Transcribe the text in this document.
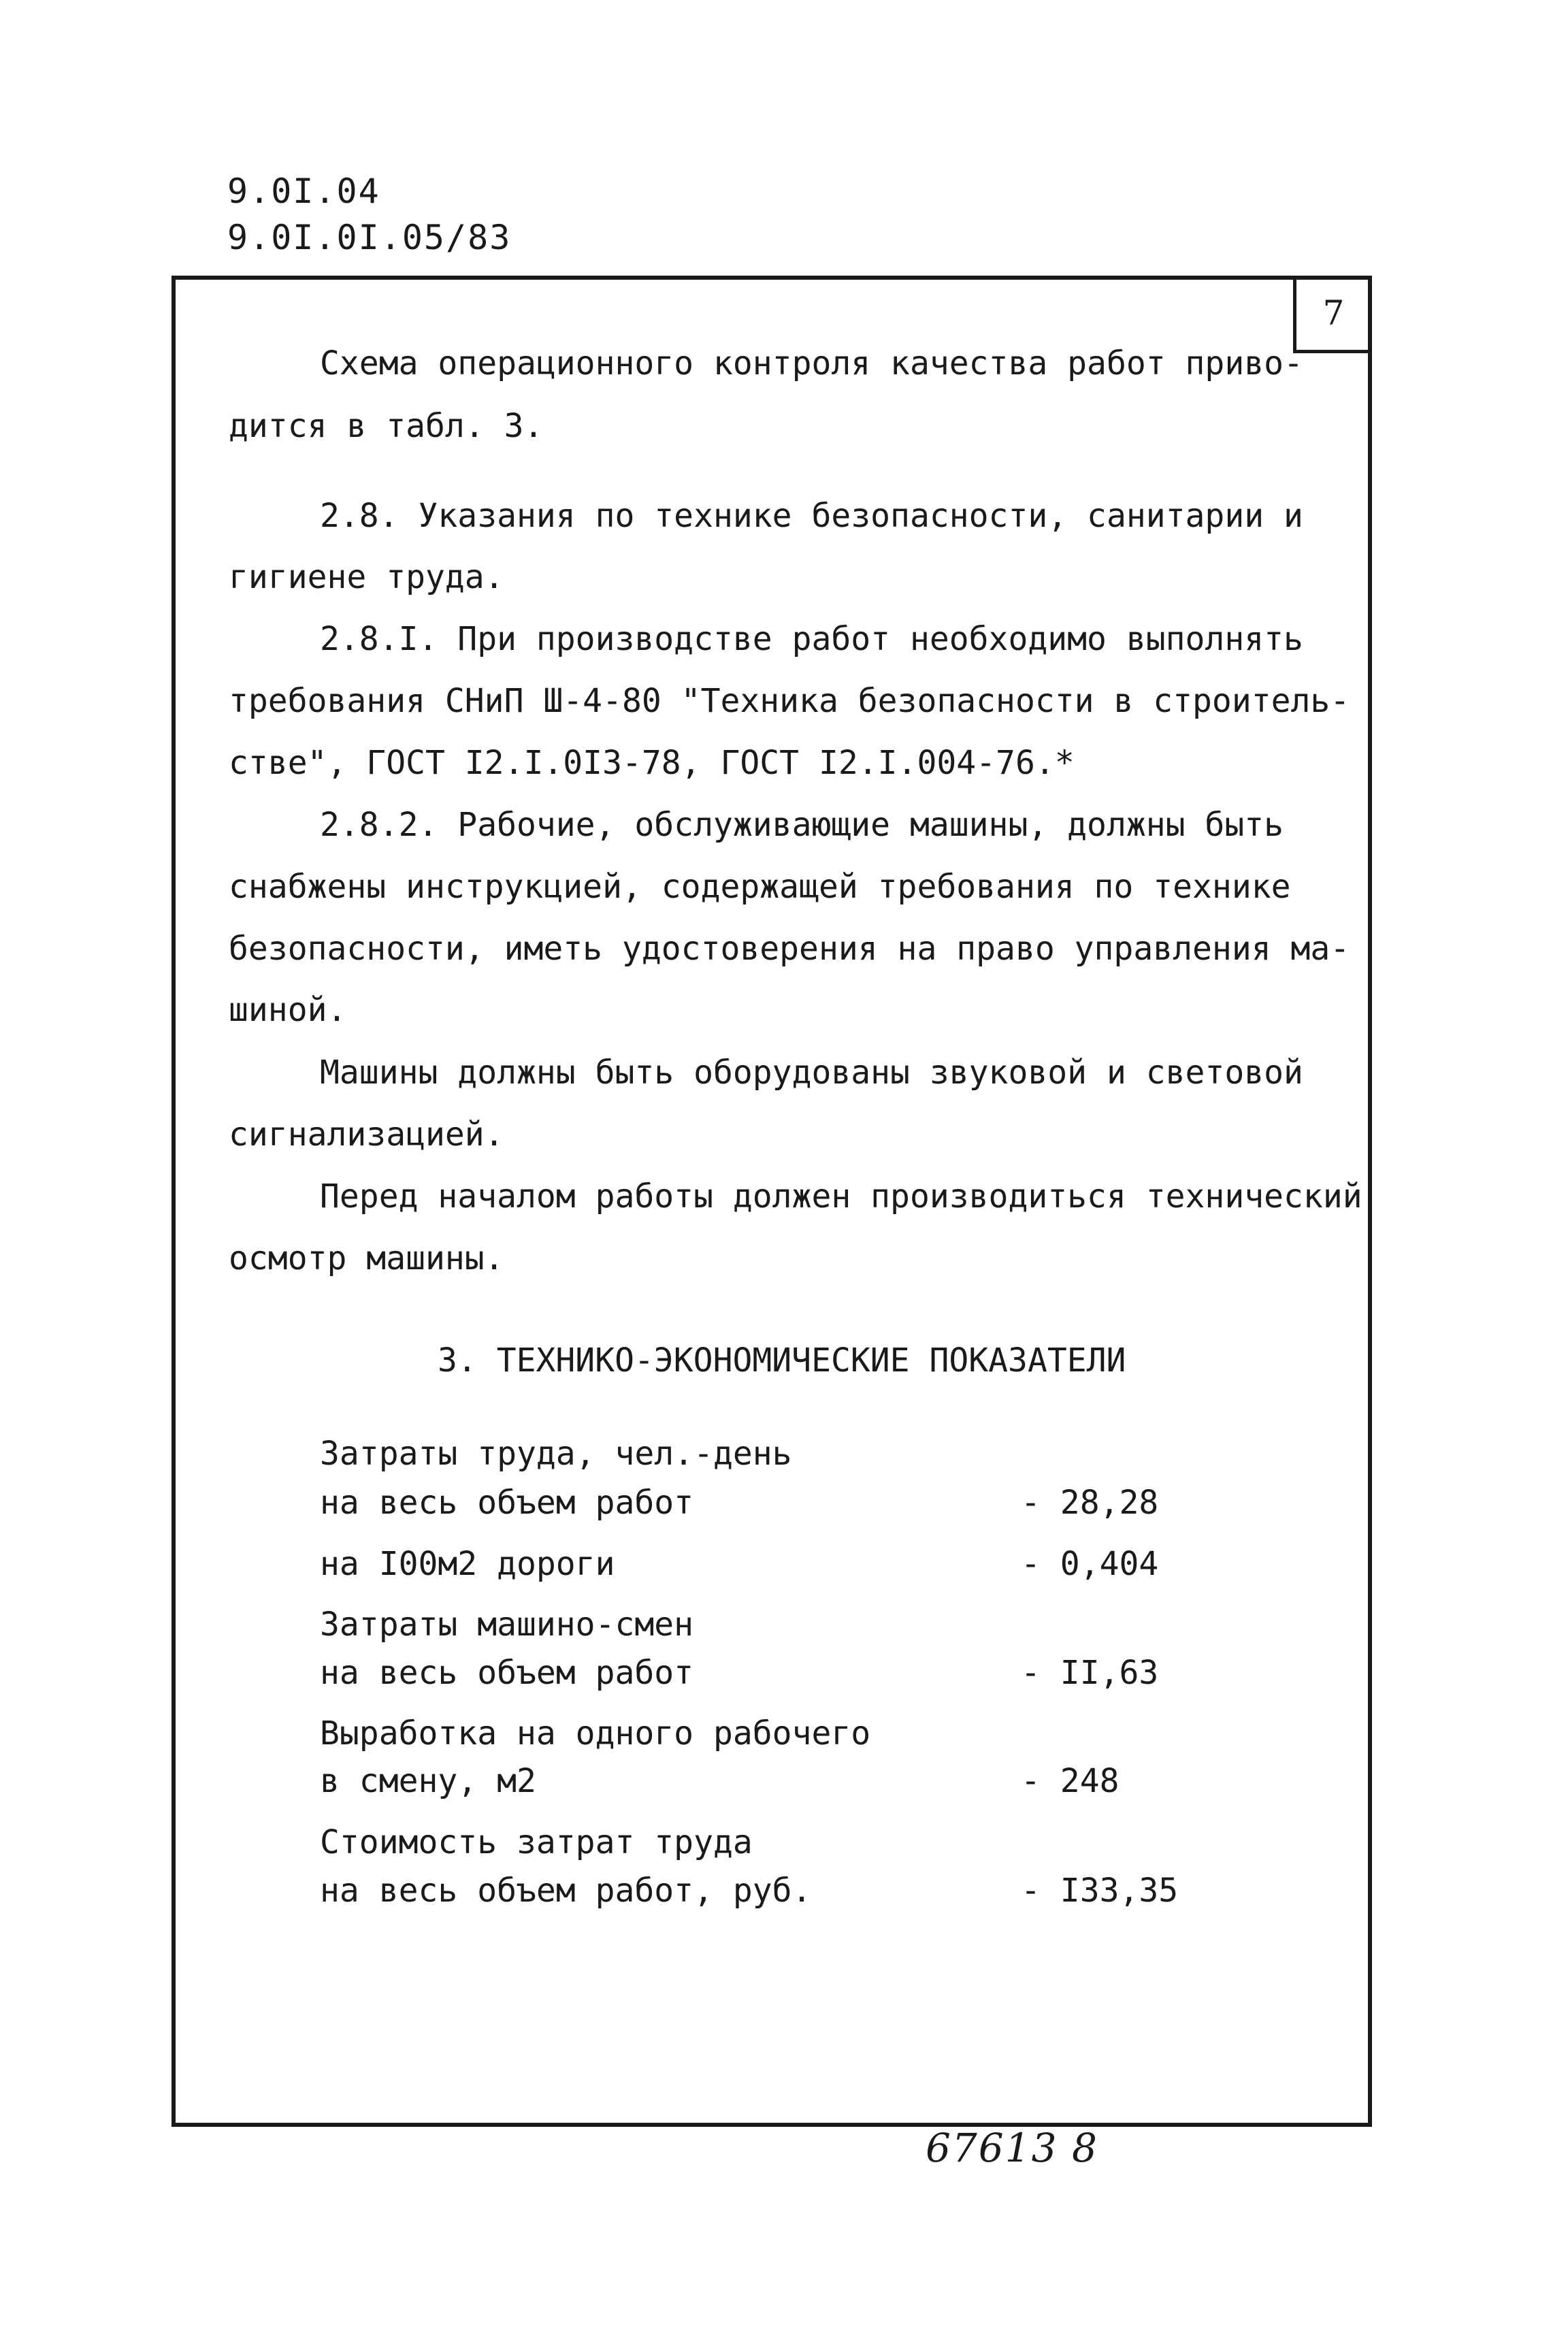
9.0I.04
9.0I.0I.05/83
7
Схема операционного контроля качества работ приво-
дится в табл. 3.
2.8. Указания по технике безопасности, санитарии и
гигиене труда.
2.8.I. При производстве работ необходимо выполнять
требования СНиП Ш-4-80 "Техника безопасности в строитель-
стве", ГОСТ I2.I.0I3-78, ГОСТ I2.I.004-76.*
2.8.2. Рабочие, обслуживающие машины, должны быть
снабжены инструкцией, содержащей требования по технике
безопасности, иметь удостоверения на право управления ма-
шиной.
Машины должны быть оборудованы звуковой и световой
сигнализацией.
Перед началом работы должен производиться технический
осмотр машины.
3. ТЕХНИКО-ЭКОНОМИЧЕСКИЕ ПОКАЗАТЕЛИ
Затраты труда, чел.-день
на весь объем работ	- 28,28
на I00м2 дороги	- 0,404
Затраты машино-смен
на весь объем работ	- II,63
Выработка на одного рабочего
в смену, м2	- 248
Стоимость затрат труда
на весь объем работ, руб.	- I33,35
67613 8
